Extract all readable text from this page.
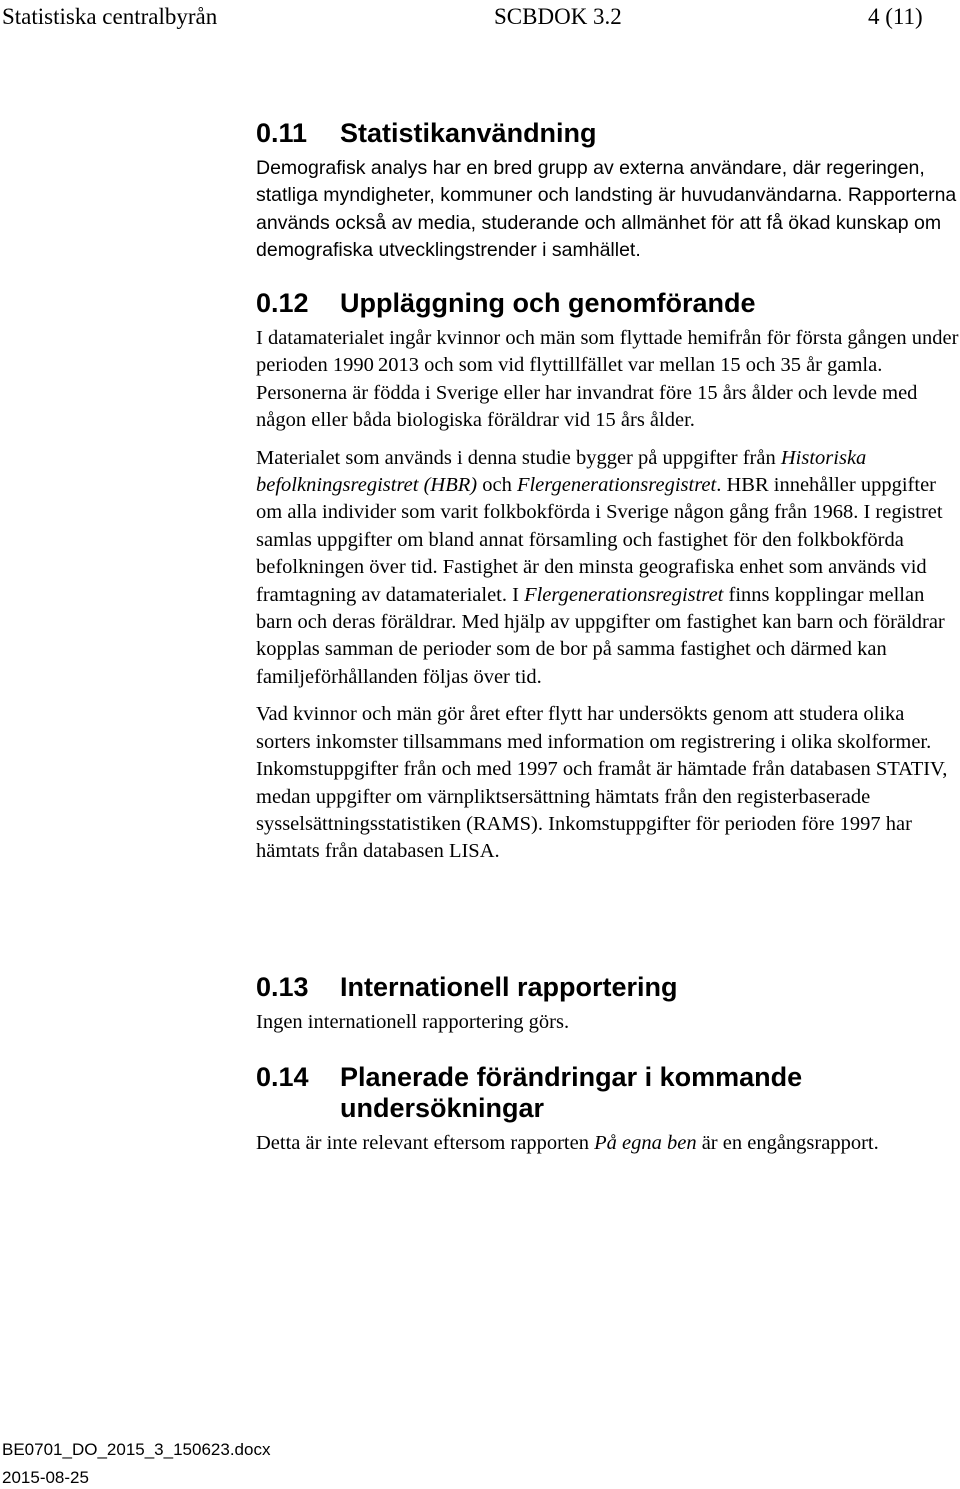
Statistiska centralbyrån	SCBDOK 3.2	4 (11)
0.11	Statistikanvändning

Demografisk analys har en bred grupp av externa användare, där regeringen, statliga myndigheter, kommuner och landsting är huvudanvändarna. Rapporterna används också av media, studerande och allmänhet för att få ökad kunskap om demografiska utvecklingstrender i samhället.

0.12	Uppläggning och genomförande

I datamaterialet ingår kvinnor och män som flyttade hemifrån för första gången under perioden 1990 2013 och som vid flyttillfället var mellan 15 och 35 år gamla. Personerna är födda i Sverige eller har invandrat före 15 års ålder och levde med någon eller båda biologiska föräldrar vid 15 års ålder.

Materialet som används i denna studie bygger på uppgifter från Historiska befolkningsregistret (HBR) och Flergenerationsregistret. HBR innehåller uppgifter om alla individer som varit folkbokförda i Sverige någon gång från 1968. I registret samlas uppgifter om bland annat församling och fastighet för den folkbokförda befolkningen över tid. Fastighet är den minsta geografiska enhet som används vid framtagning av datamaterialet. I Flergenerationsregistret finns kopplingar mellan barn och deras föräldrar. Med hjälp av uppgifter om fastighet kan barn och föräldrar kopplas samman de perioder som de bor på samma fastighet och därmed kan familjeförhållanden följas över tid.

Vad kvinnor och män gör året efter flytt har undersökts genom att studera olika sorters inkomster tillsammans med information om registrering i olika skolformer. Inkomstuppgifter från och med 1997 och framåt är hämtade från databasen STATIV, medan uppgifter om värnpliktsersättning hämtats från den registerbaserade sysselsättningsstatistiken (RAMS). Inkomstuppgifter för perioden före 1997 har hämtats från databasen LISA.

0.13	Internationell rapportering

Ingen internationell rapportering görs.

0.14	Planerade förändringar i kommande undersökningar

Detta är inte relevant eftersom rapporten På egna ben är en engångsrapport.

BE0701_DO_2015_3_150623.docx
2015-08-25
